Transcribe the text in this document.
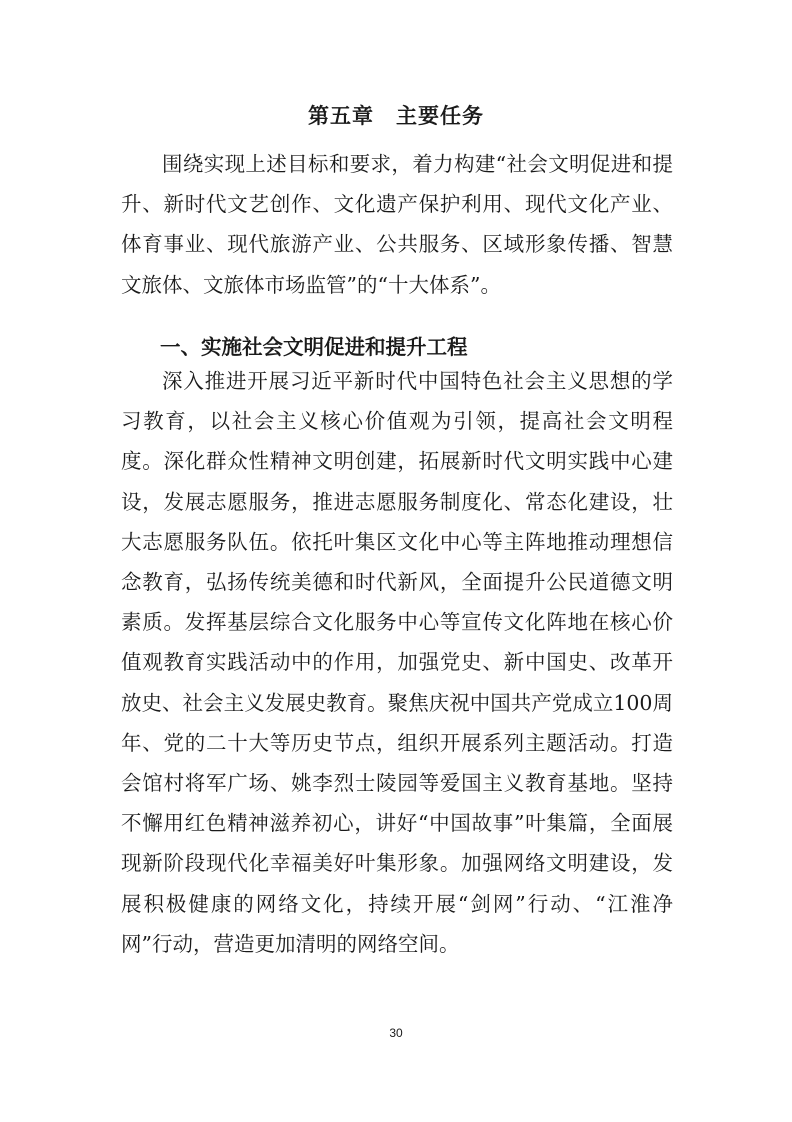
第五章　主要任务
围绕实现上述目标和要求，着力构建“社会文明促进和提升、新时代文艺创作、文化遗产保护利用、现代文化产业、体育事业、现代旅游产业、公共服务、区域形象传播、智慧文旅体、文旅体市场监管”的“十大体系”。
一、实施社会文明促进和提升工程
深入推进开展习近平新时代中国特色社会主义思想的学习教育，以社会主义核心价值观为引领，提高社会文明程度。深化群众性精神文明创建，拓展新时代文明实践中心建设，发展志愿服务，推进志愿服务制度化、常态化建设，壮大志愿服务队伍。依托叶集区文化中心等主阵地推动理想信念教育，弘扬传统美德和时代新风，全面提升公民道德文明素质。发挥基层综合文化服务中心等宣传文化阵地在核心价值观教育实践活动中的作用，加强党史、新中国史、改革开放史、社会主义发展史教育。聚焦庆祝中国共产党成立100周年、党的二十大等历史节点，组织开展系列主题活动。打造会馆村将军广场、姚李烈士陵园等爱国主义教育基地。坚持不懈用红色精神滋养初心，讲好“中国故事”叶集篇，全面展现新阶段现代化幸福美好叶集形象。加强网络文明建设，发展积极健康的网络文化，持续开展“剑网”行动、“江淮净网”行动，营造更加清明的网络空间。
30
